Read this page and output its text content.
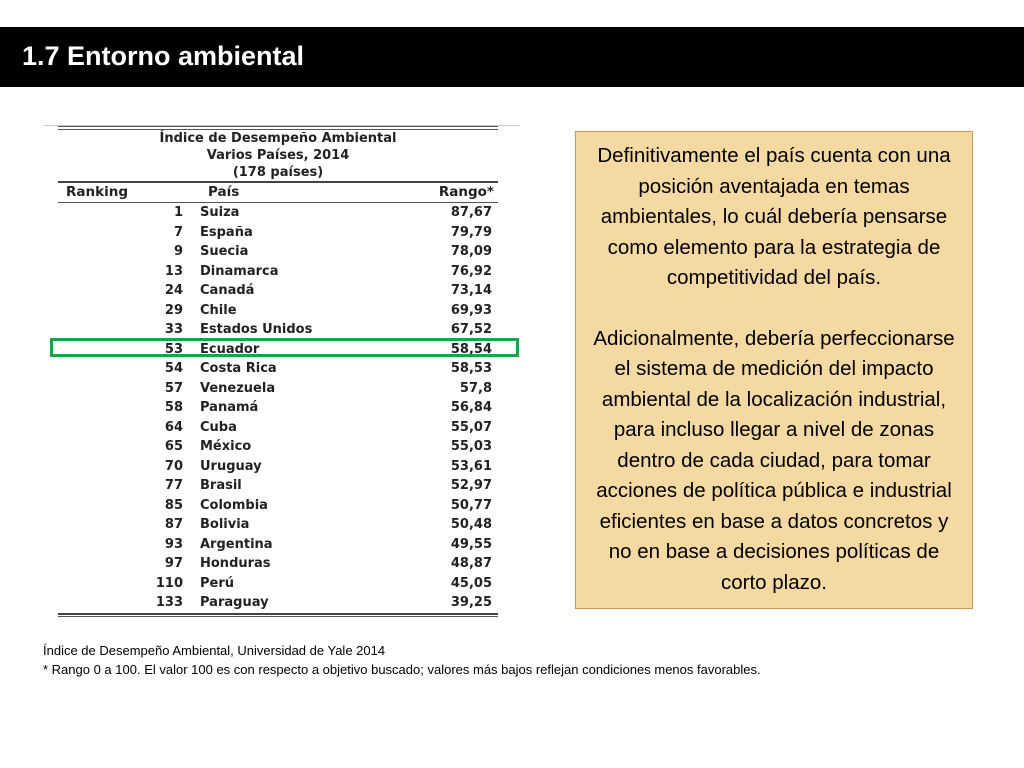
1.7 Entorno ambiental
Índice de Desempeño Ambiental
Varios Países, 2014
(178 países)
Ranking	País	Rango*
1	Suiza	87,67
7	España	79,79
9	Suecia	78,09
13	Dinamarca	76,92
24	Canadá	73,14
29	Chile	69,93
33	Estados Unidos	67,52
53	Ecuador	58,54
54	Costa Rica	58,53
57	Venezuela	57,8
58	Panamá	56,84
64	Cuba	55,07
65	México	55,03
70	Uruguay	53,61
77	Brasil	52,97
85	Colombia	50,77
87	Bolivia	50,48
93	Argentina	49,55
97	Honduras	48,87
110	Perú	45,05
133	Paraguay	39,25

Definitivamente el país cuenta con una posición aventajada en temas ambientales, lo cuál debería pensarse como elemento para la estrategia de competitividad del país.

Adicionalmente, debería perfeccionarse el sistema de medición del impacto ambiental de la localización industrial, para incluso llegar a nivel de zonas dentro de cada ciudad, para tomar acciones de política pública e industrial eficientes en base a datos concretos y no en base a decisiones políticas de corto plazo.

Índice de Desempeño Ambiental, Universidad de Yale 2014
* Rango 0 a 100. El valor 100 es con respecto a objetivo buscado; valores más bajos reflejan condiciones menos favorables.
